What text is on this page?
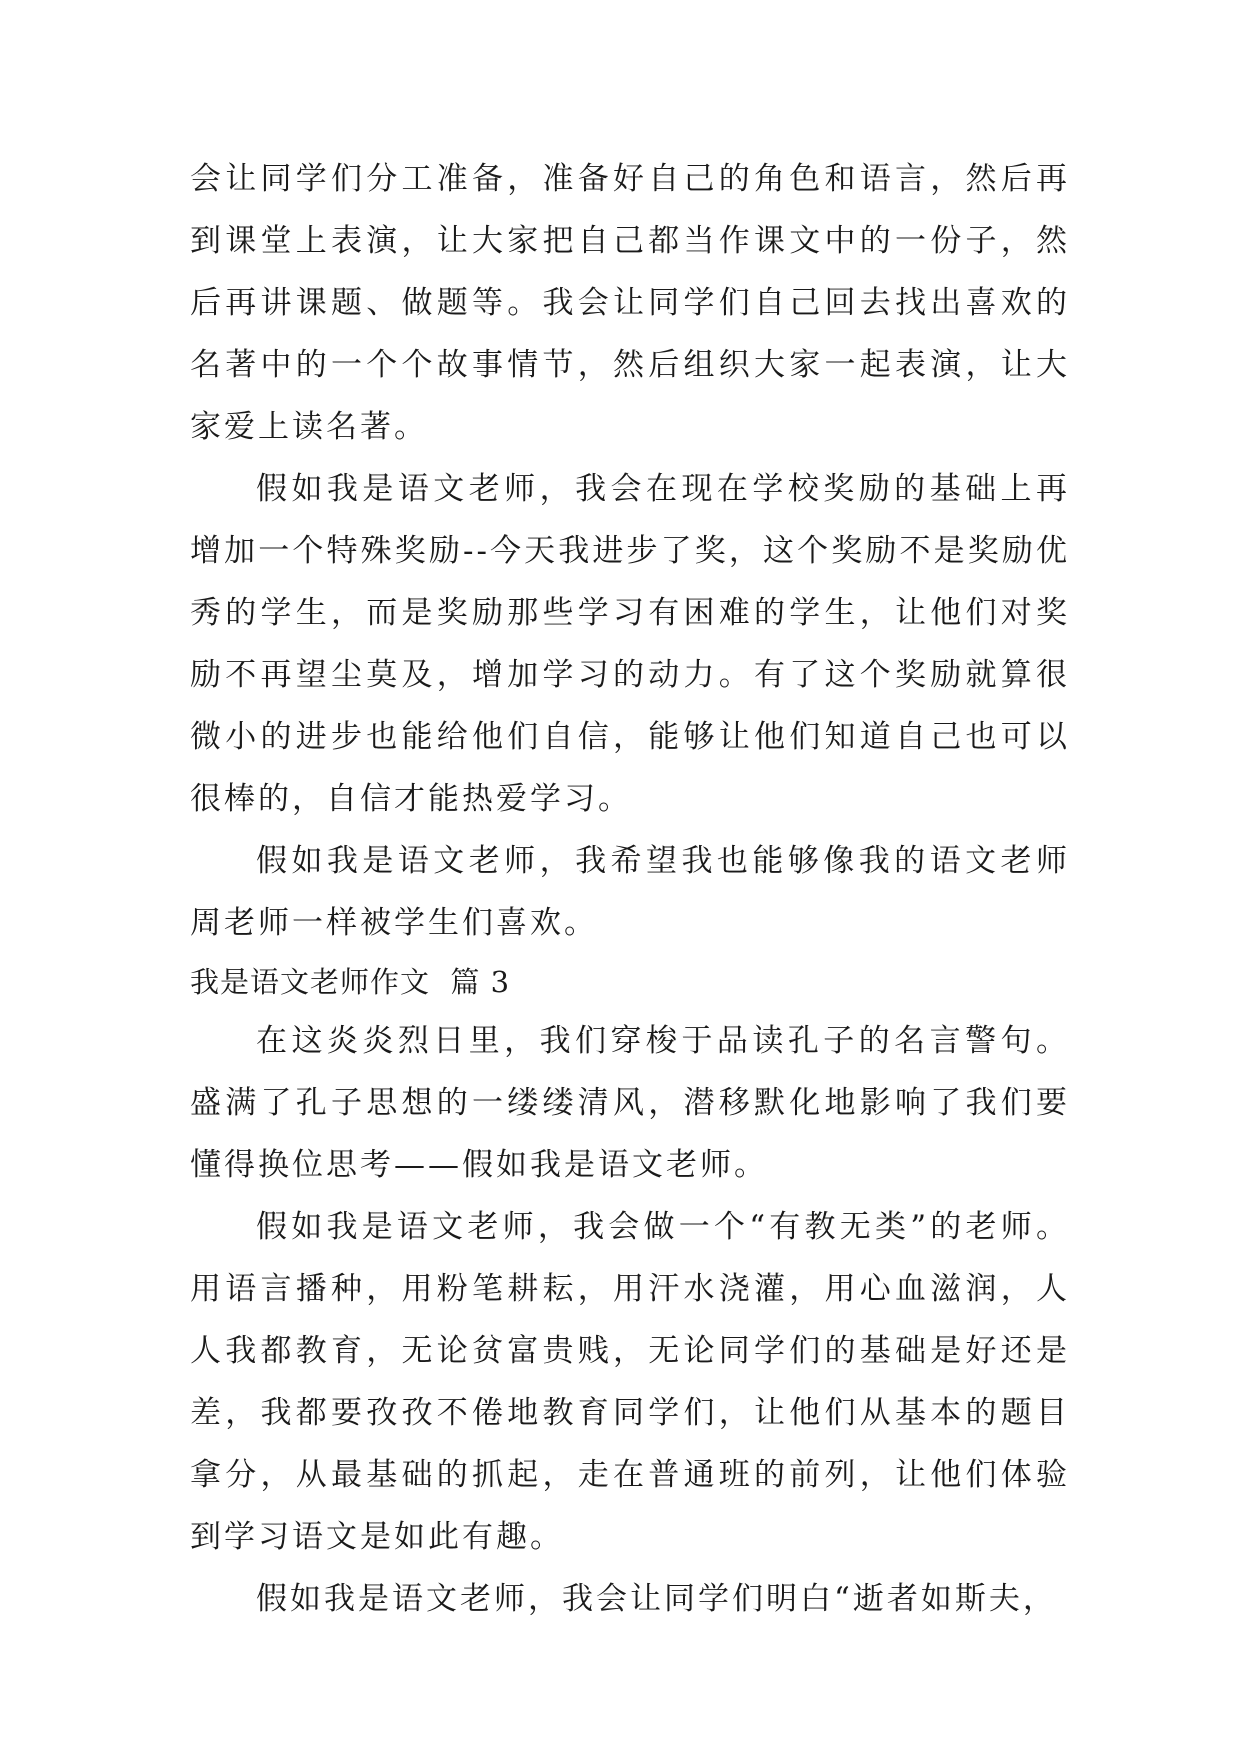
会让同学们分工准备，准备好自己的角色和语言，然后再到课堂上表演，让大家把自己都当作课文中的一份子，然后再讲课题、做题等。我会让同学们自己回去找出喜欢的名著中的一个个故事情节，然后组织大家一起表演，让大家爱上读名著。

假如我是语文老师，我会在现在学校奖励的基础上再增加一个特殊奖励--今天我进步了奖，这个奖励不是奖励优秀的学生，而是奖励那些学习有困难的学生，让他们对奖励不再望尘莫及，增加学习的动力。有了这个奖励就算很微小的进步也能给他们自信，能够让他们知道自己也可以很棒的，自信才能热爱学习。

假如我是语文老师，我希望我也能够像我的语文老师周老师一样被学生们喜欢。

我是语文老师作文  篇 3

在这炎炎烈日里，我们穿梭于品读孔子的名言警句。盛满了孔子思想的一缕缕清风，潜移默化地影响了我们要懂得换位思考——假如我是语文老师。

假如我是语文老师，我会做一个“有教无类”的老师。用语言播种，用粉笔耕耘，用汗水浇灌，用心血滋润，人人我都教育，无论贫富贵贱，无论同学们的基础是好还是差，我都要孜孜不倦地教育同学们，让他们从基本的题目拿分，从最基础的抓起，走在普通班的前列，让他们体验到学习语文是如此有趣。

假如我是语文老师，我会让同学们明白“逝者如斯夫，
